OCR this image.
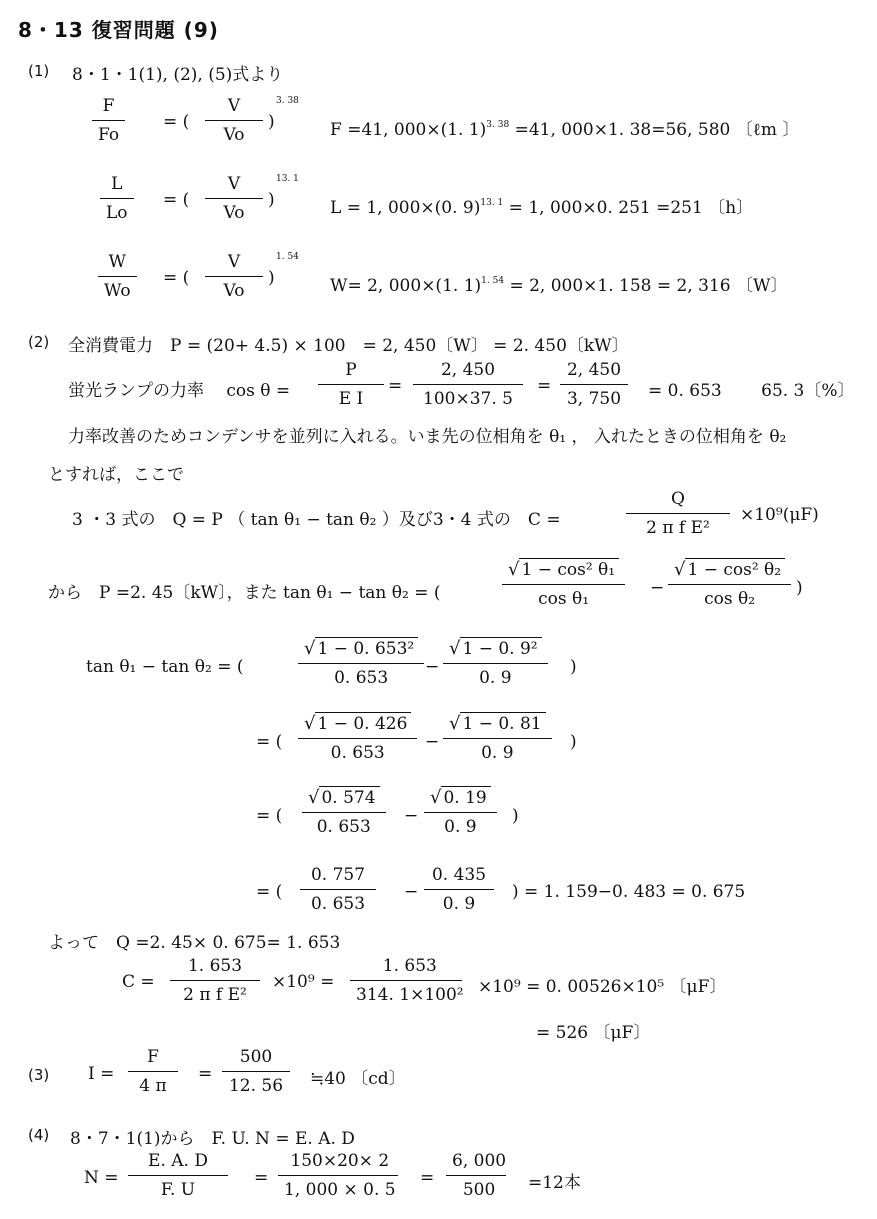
8・13 復習問題 (9)
(1) 8・1・1(1), (2), (5)式より
F
Fo
= (
V
Vo
)
3. 38
F =41, 000×(1. 1)$^{3. 38}$ =41, 000×1. 38=56, 580 〔ℓm 〕
L
Lo
= (
V
Vo
)
13. 1
L = 1, 000×(0. 9)$^{13. 1}$ = 1, 000×0. 251 =251 〔h〕
W
Wo
= (
V
Vo
)
1. 54
W= 2, 000×(1. 1)$^{1. 54}$ = 2, 000×1. 158 = 2, 316 〔W〕
(2) 全消費電力　P = (20+ 4.5) × 100　= 2, 450〔W〕 = 2. 450〔kW〕
蛍光ランプの力率　 cos θ =
P
E I
=
2, 450
100×37. 5
=
2, 450
3, 750	= 0. 653　　 65. 3〔%〕
力率改善のためコンデンサを並列に入れる。いま先の位相角を θ₁ ， 入れたときの位相角を θ₂
とすれば，ここで
3 ・3 式の　Q = P （ tan θ₁ − tan θ₂ ）及び3・4 式の　C =
Q
2 π f E²
×10⁹(μF)
から　P =2. 45〔kW〕，また tan θ₁ − tan θ₂ = (
√ 1 − cos² θ₁
cos θ₁
−
√ 1 − cos² θ₂
cos θ₂
)
tan θ₁ − tan θ₂ = (
√ 1 − 0. 653²
0. 653
−
√ 1 − 0. 9²
0. 9
)
= (
√ 1 − 0. 426
0. 653
−
√ 1 − 0. 81
0. 9
)
= (
√ 0. 574
0. 653
−
√ 0. 19
0. 9
)
= (
0. 757
0. 653
−
0. 435
0. 9
) = 1. 159−0. 483 = 0. 675
よって　Q =2. 45× 0. 675= 1. 653
C =
1. 653
2 π f E²
×10⁹ =
1. 653
314. 1×100² ×10⁹ = 0. 00526×10⁵ 〔μF〕
= 526 〔μF〕
(3) I =
F
4 π
=
500
12. 56	≒40 〔cd〕
(4) 8・7・1(1)から　F. U. N = E. A. D
N =
E. A. D
F. U
=
150×20× 2
1, 000 × 0. 5
=
6, 000
500	=12本
